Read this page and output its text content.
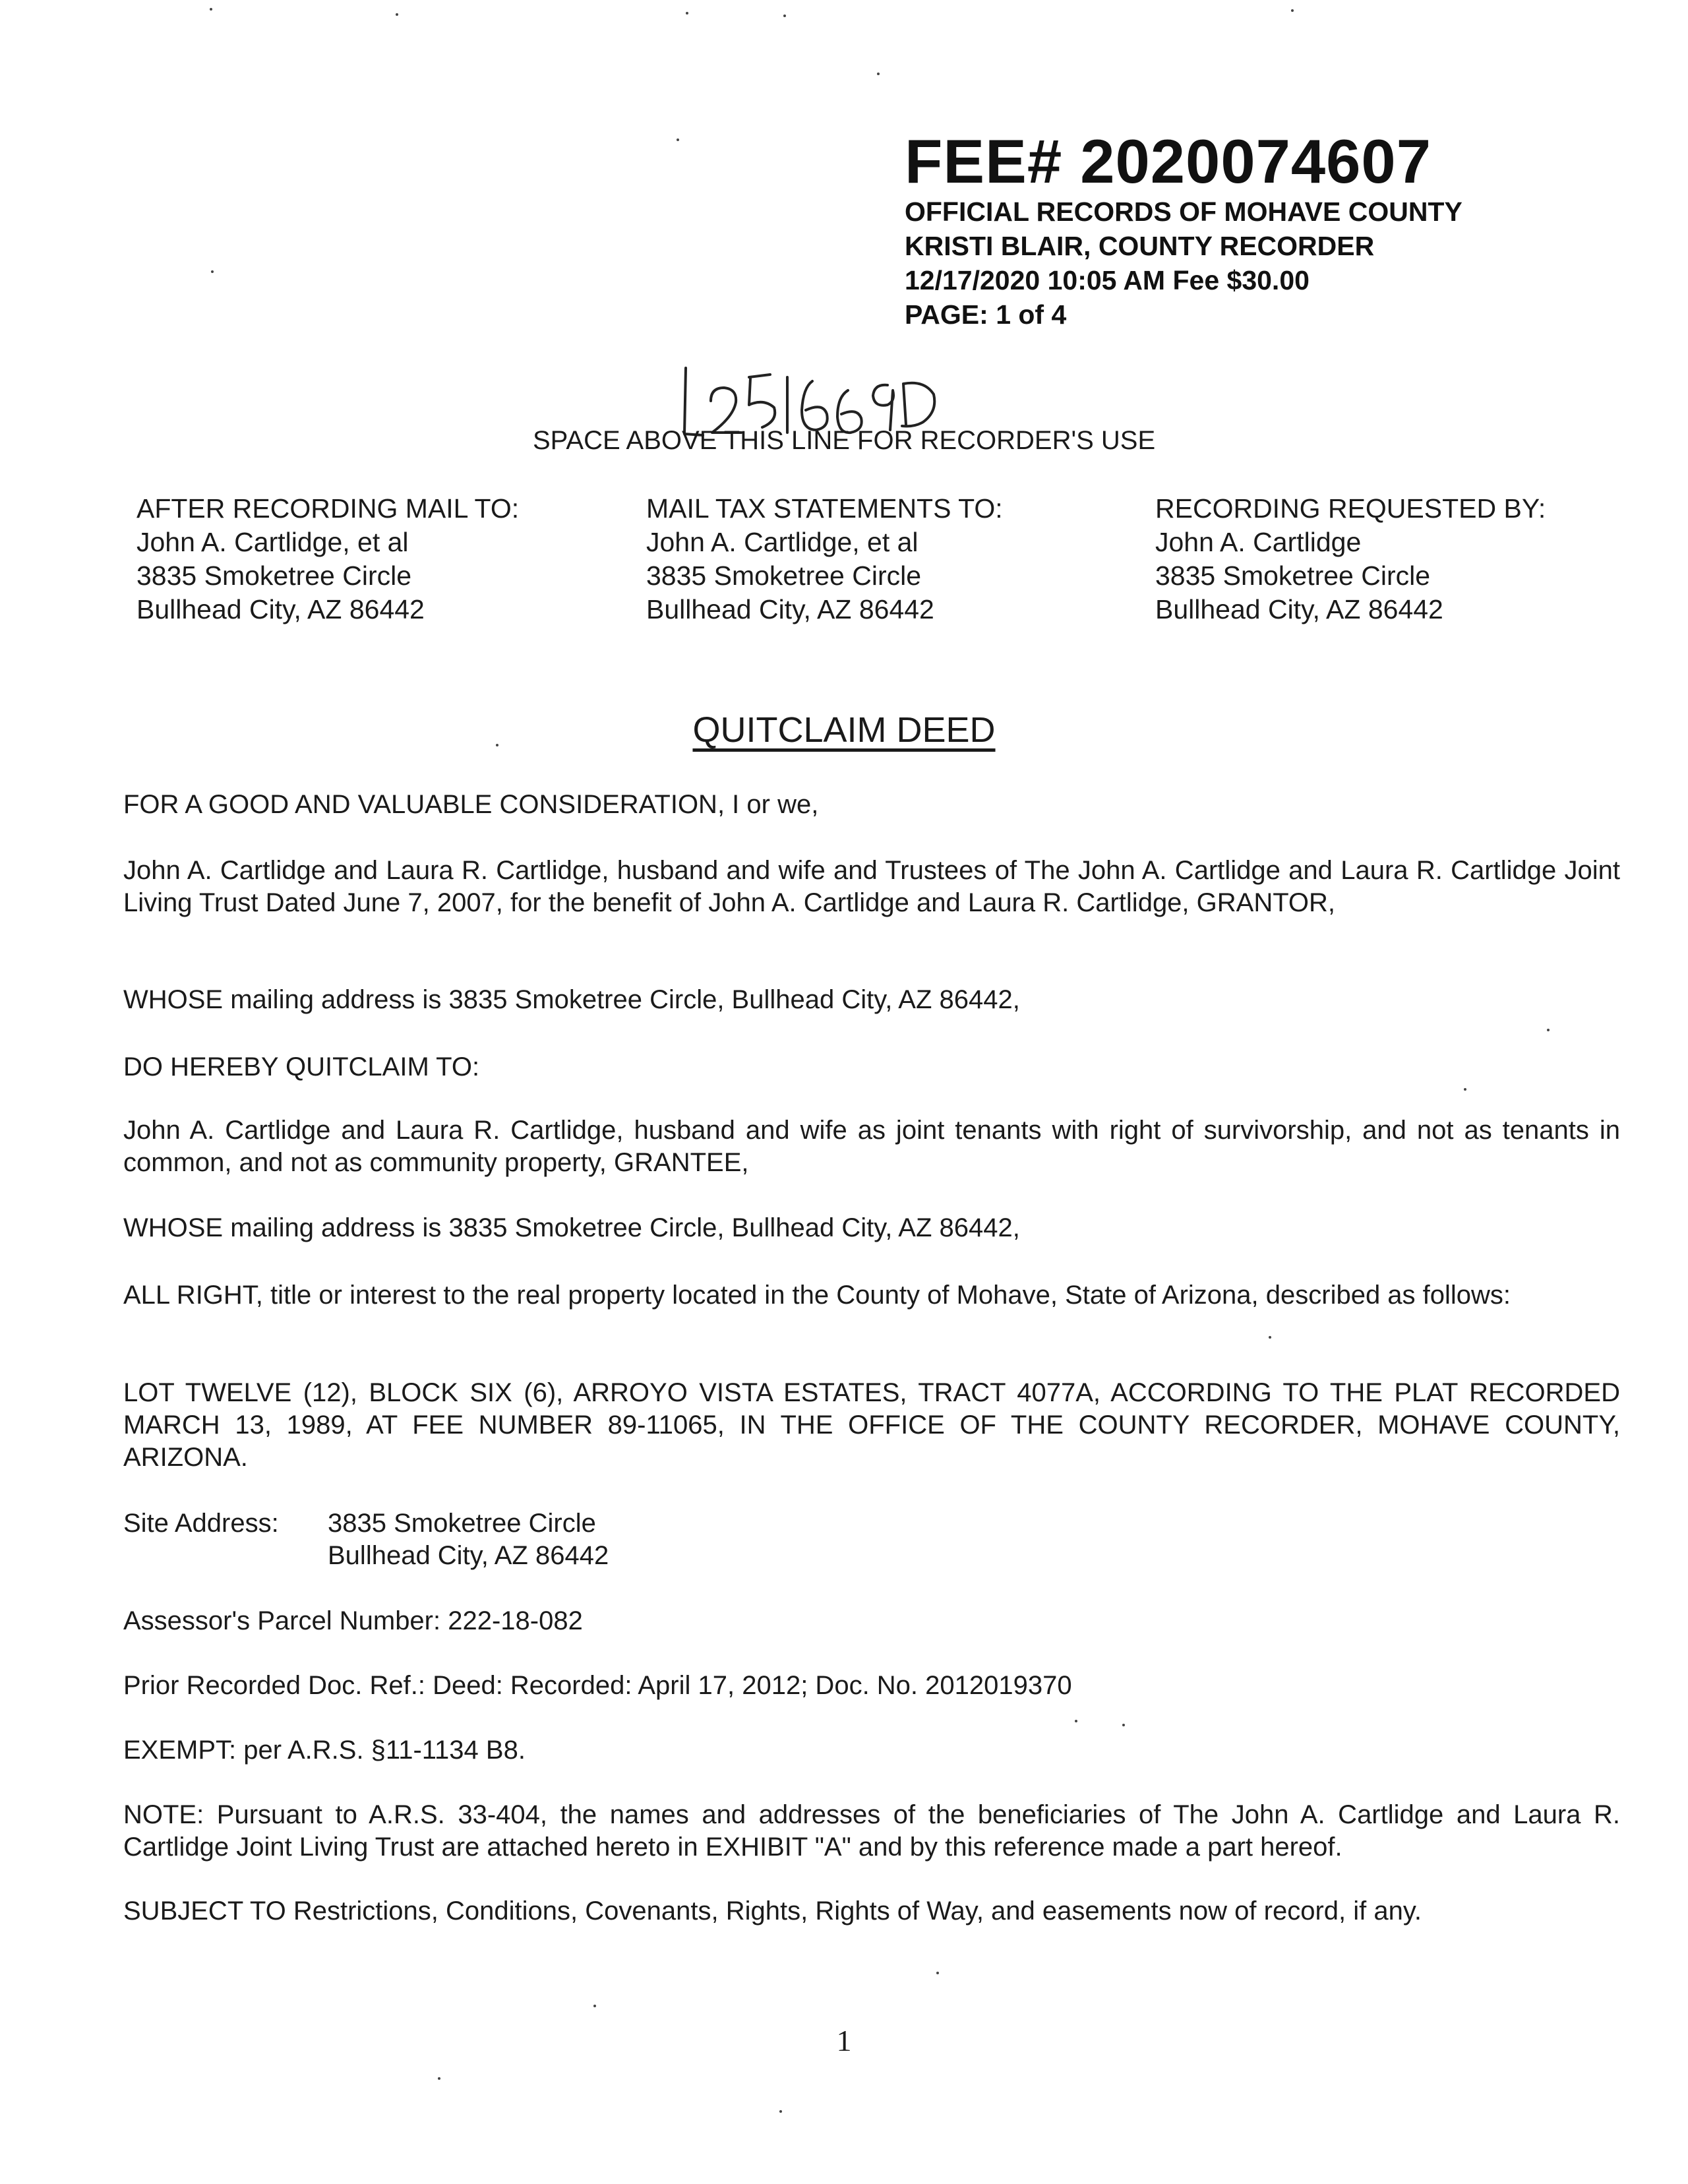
FEE# 2020074607
OFFICIAL RECORDS OF MOHAVE COUNTY
KRISTI BLAIR, COUNTY RECORDER
12/17/2020 10:05 AM Fee $30.00
PAGE: 1 of 4
SPACE ABOVE THIS LINE FOR RECORDER'S USE
AFTER RECORDING MAIL TO:
John A. Cartlidge, et al
3835 Smoketree Circle
Bullhead City, AZ 86442
MAIL TAX STATEMENTS TO:
John A. Cartlidge, et al
3835 Smoketree Circle
Bullhead City, AZ 86442
RECORDING REQUESTED BY:
John A. Cartlidge
3835 Smoketree Circle
Bullhead City, AZ 86442
QUITCLAIM DEED
FOR A GOOD AND VALUABLE CONSIDERATION, I or we,
John A. Cartlidge and Laura R. Cartlidge, husband and wife and Trustees of The John A. Cartlidge and Laura R. Cartlidge Joint Living Trust Dated June 7, 2007, for the benefit of John A. Cartlidge and Laura R. Cartlidge, GRANTOR,
WHOSE mailing address is 3835 Smoketree Circle, Bullhead City, AZ 86442,
DO HEREBY QUITCLAIM TO:
John A. Cartlidge and Laura R. Cartlidge, husband and wife as joint tenants with right of survivorship, and not as tenants in common, and not as community property, GRANTEE,
WHOSE mailing address is 3835 Smoketree Circle, Bullhead City, AZ 86442,
ALL RIGHT, title or interest to the real property located in the County of Mohave, State of Arizona, described as follows:
LOT TWELVE (12), BLOCK SIX (6), ARROYO VISTA ESTATES, TRACT 4077A, ACCORDING TO THE PLAT RECORDED MARCH 13, 1989, AT FEE NUMBER 89-11065, IN THE OFFICE OF THE COUNTY RECORDER, MOHAVE COUNTY, ARIZONA.
Site Address: 3835 Smoketree Circle
Bullhead City, AZ 86442
Assessor's Parcel Number: 222-18-082
Prior Recorded Doc. Ref.: Deed: Recorded: April 17, 2012; Doc. No. 2012019370
EXEMPT: per A.R.S. §11-1134 B8.
NOTE: Pursuant to A.R.S. 33-404, the names and addresses of the beneficiaries of The John A. Cartlidge and Laura R. Cartlidge Joint Living Trust are attached hereto in EXHIBIT "A" and by this reference made a part hereof.
SUBJECT TO Restrictions, Conditions, Covenants, Rights, Rights of Way, and easements now of record, if any.
1
